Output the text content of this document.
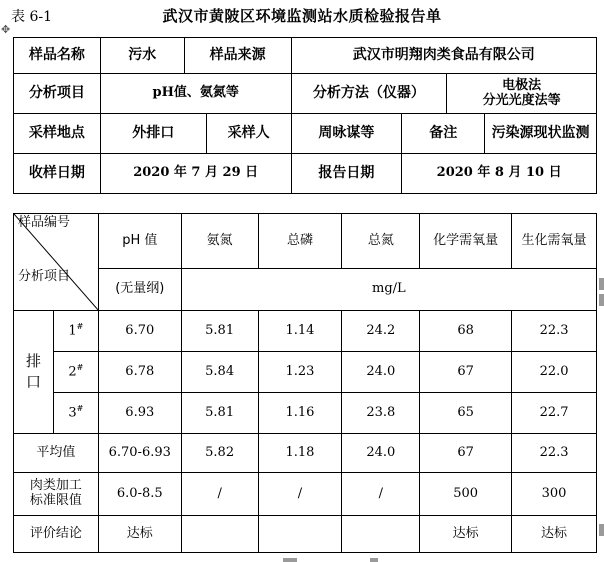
表 6-1	武汉市黄陂区环境监测站水质检验报告单
✥
样品名称	污水	样品来源		武汉市明翔肉类食品有限公司			
分析项目	pH值、氨氮等			分析方法（仪器）		电极法
分光光度法等	

采样地点	外排口		采样人	周咏谋等	备注		污染源现状监测
收样日期	2020 年 7 月 29 日			报告日期	2020 年 8 月 10 日		
样品编号
分析项目		pH 值	氨氮	总磷	总氮	化学需氧量	生化需氧量
		(无量纲)	mg/L				

排
口	1#	6.70	5.81	1.14	24.2	68	22.3
	2#	6.78	5.84	1.23	24.0	67	22.0
	3#	6.93	5.81	1.16	23.8	65	22.7
平均值		6.70-6.93	5.82	1.18	24.0	67	22.3

肉类加工
标准限值		6.0-8.5	/	/	/	500	300
评价结论		达标				达标	达标
